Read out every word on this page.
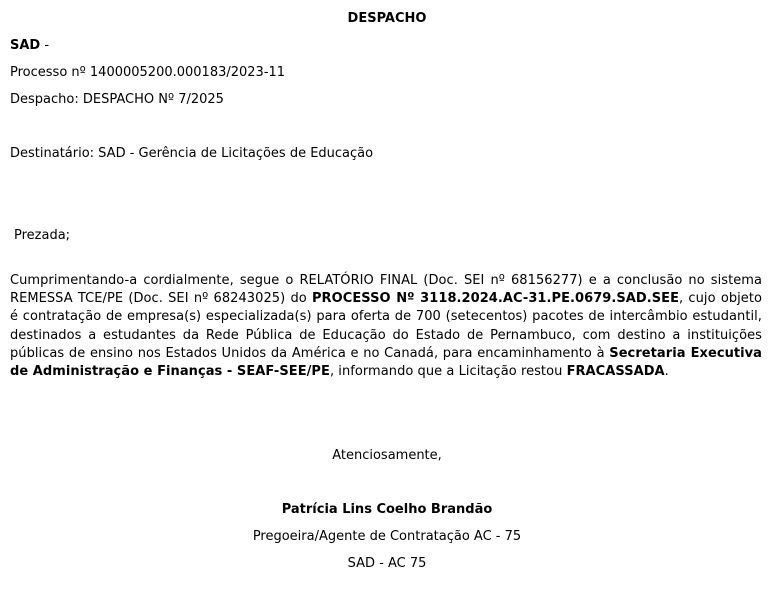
DESPACHO
SAD -
Processo nº 1400005200.000183/2023-11
Despacho: DESPACHO Nº 7/2025
Destinatário: SAD - Gerência de Licitações de Educação
Prezada;
Cumprimentando-a cordialmente, segue o RELATÓRIO FINAL (Doc. SEI nº 68156277) e a conclusão no sistema REMESSA TCE/PE (Doc. SEI nº 68243025) do PROCESSO Nº 3118.2024.AC-31.PE.0679.SAD.SEE, cujo objeto é contratação de empresa(s) especializada(s) para oferta de 700 (setecentos) pacotes de intercâmbio estudantil, destinados a estudantes da Rede Pública de Educação do Estado de Pernambuco, com destino a instituições públicas de ensino nos Estados Unidos da América e no Canadá, para encaminhamento à Secretaria Executiva de Administração e Finanças - SEAF-SEE/PE, informando que a Licitação restou FRACASSADA.
Atenciosamente,
Patrícia Lins Coelho Brandão
Pregoeira/Agente de Contratação AC - 75
SAD - AC 75
